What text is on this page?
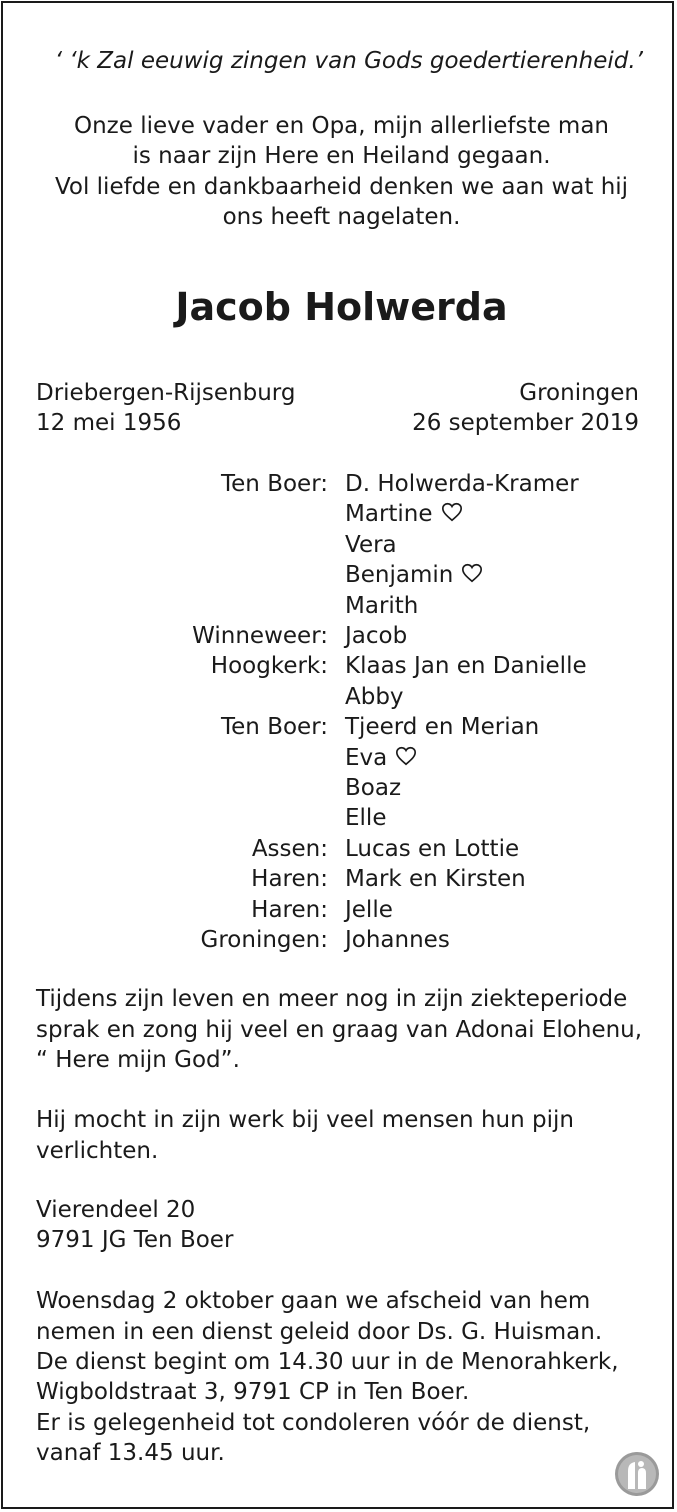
‘ ‘k Zal eeuwig zingen van Gods goedertierenheid.’
Onze lieve vader en Opa, mijn allerliefste man
is naar zijn Here en Heiland gegaan.
Vol liefde en dankbaarheid denken we aan wat hij
ons heeft nagelaten.
Jacob Holwerda
Driebergen-Rijsenburg
12 mei 1956
Groningen
26 september 2019
Ten Boer: D. Holwerda-Kramer
Martine
Vera
Benjamin
Marith
Winneweer: Jacob
Hoogkerk: Klaas Jan en Danielle
Abby
Ten Boer: Tjeerd en Merian
Eva
Boaz
Elle
Assen: Lucas en Lottie
Haren: Mark en Kirsten
Haren: Jelle
Groningen: Johannes
Tijdens zijn leven en meer nog in zijn ziekteperiode
sprak en zong hij veel en graag van Adonai Elohenu,
“ Here mijn God”.
Hij mocht in zijn werk bij veel mensen hun pijn
verlichten.
Vierendeel 20
9791 JG Ten Boer
Woensdag 2 oktober gaan we afscheid van hem
nemen in een dienst geleid door Ds. G. Huisman.
De dienst begint om 14.30 uur in de Menorahkerk,
Wigboldstraat 3, 9791 CP in Ten Boer.
Er is gelegenheid tot condoleren vóór de dienst,
vanaf 13.45 uur.
